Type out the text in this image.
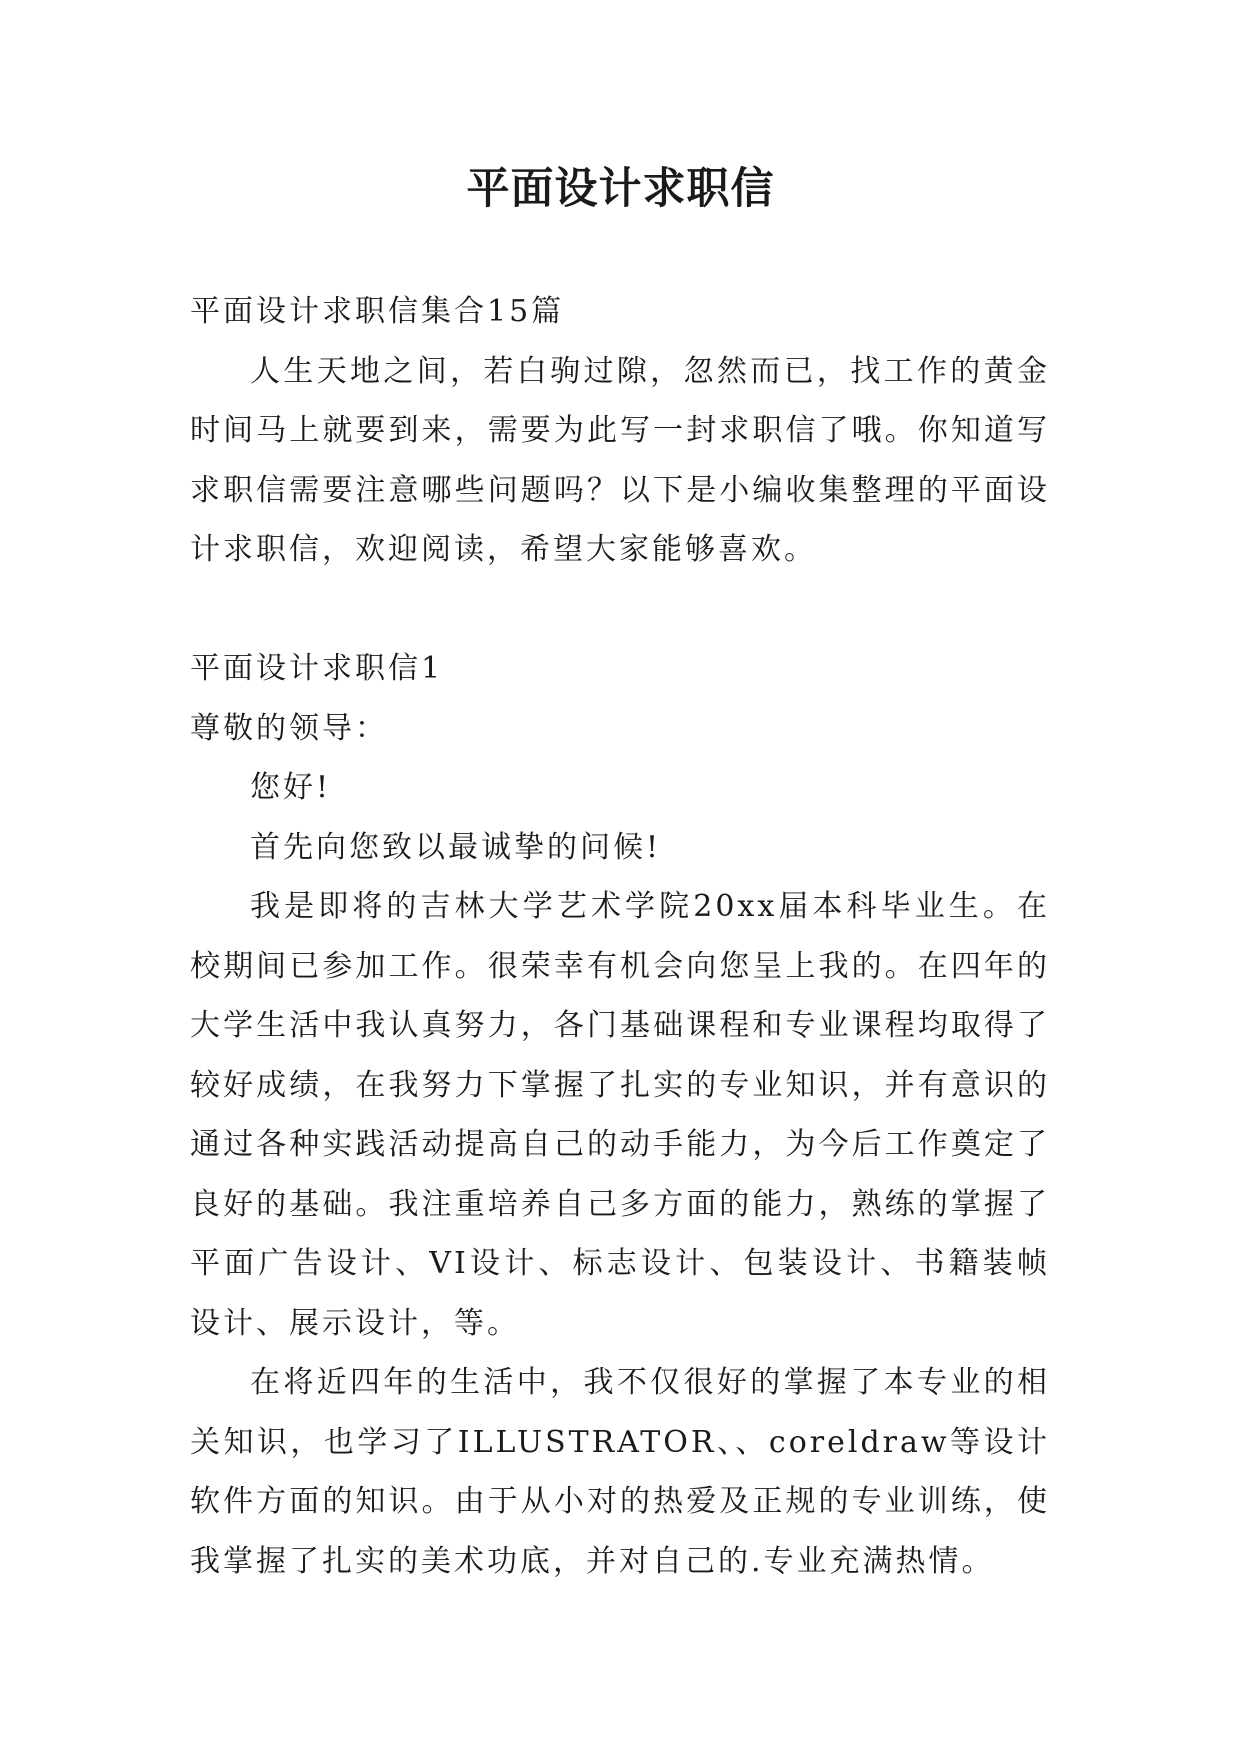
平面设计求职信

平面设计求职信集合15篇

人生天地之间，若白驹过隙，忽然而已，找工作的黄金时间马上就要到来，需要为此写一封求职信了哦。你知道写求职信需要注意哪些问题吗？以下是小编收集整理的平面设计求职信，欢迎阅读，希望大家能够喜欢。

平面设计求职信1

尊敬的领导：

您好!

首先向您致以最诚挚的问候!

我是即将的吉林大学艺术学院20xx届本科毕业生。在校期间已参加工作。很荣幸有机会向您呈上我的。在四年的大学生活中我认真努力，各门基础课程和专业课程均取得了较好成绩，在我努力下掌握了扎实的专业知识，并有意识的通过各种实践活动提高自己的动手能力，为今后工作奠定了良好的基础。我注重培养自己多方面的能力，熟练的掌握了平面广告设计、VI设计、标志设计、包装设计、书籍装帧设计、展示设计，等。

在将近四年的生活中，我不仅很好的掌握了本专业的相关知识，也学习了ILLUSTRATOR、、coreldraw等设计软件方面的知识。由于从小对的热爱及正规的专业训练，使我掌握了扎实的美术功底，并对自己的.专业充满热情。
